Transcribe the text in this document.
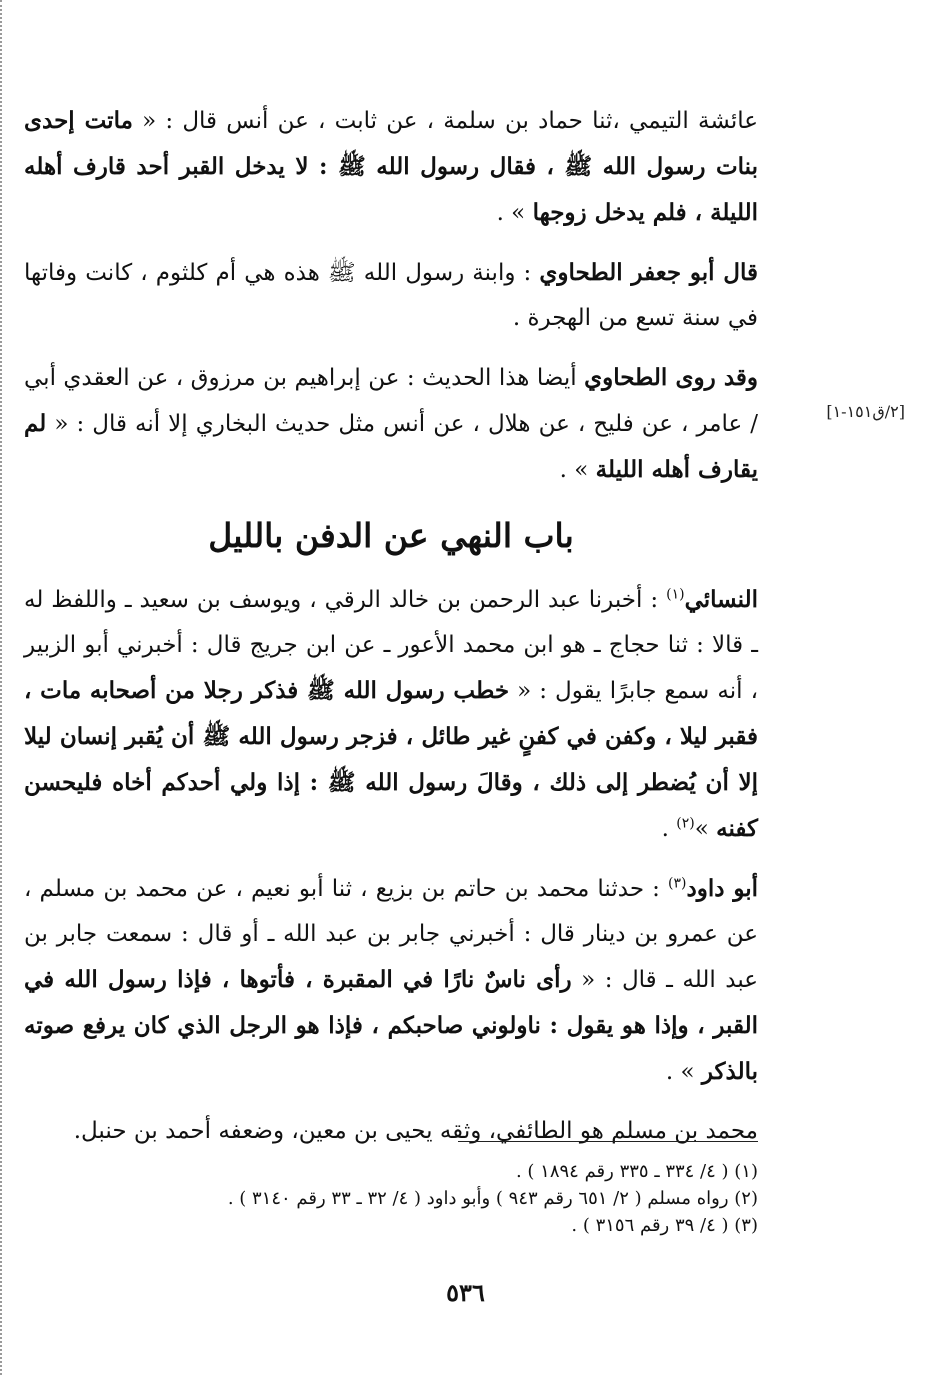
[٢/ق١٥١-١]

عائشة التيمي ،ثنا حماد بن سلمة ، عن ثابت ، عن أنس قال : « ماتت إحدى بنات رسول الله ﷺ ، فقال رسول الله ﷺ : لا يدخل القبر أحد قارف أهله الليلة ، فلم يدخل زوجها » .

قال أبو جعفر الطحاوي : وابنة رسول الله ﷺ هذه هي أم كلثوم ، كانت وفاتها في سنة تسع من الهجرة .

وقد روى الطحاوي أيضا هذا الحديث : عن إبراهيم بن مرزوق ، عن العقدي أبي / عامر ، عن فليح ، عن هلال ، عن أنس مثل حديث البخاري إلا أنه قال : « لم يقارف أهله الليلة » .

باب النهي عن الدفن بالليل

النسائي$^{(١)}$ : أخبرنا عبد الرحمن بن خالد الرقي ، ويوسف بن سعيد ـ واللفظ له ـ قالا : ثنا حجاج ـ هو ابن محمد الأعور ـ عن ابن جريج قال : أخبرني أبو الزبير ، أنه سمع جابرًا يقول : « خطب رسول الله ﷺ فذكر رجلا من أصحابه مات ، فقبر ليلا ، وكفن في كفنٍ غير طائل ، فزجر رسول الله ﷺ أن يُقبر إنسان ليلا إلا أن يُضطر إلى ذلك ، وقالَ رسول الله ﷺ : إذا ولي أحدكم أخاه فليحسن كفنه »$^{(٢)}$ .

أبو داود$^{(٣)}$ : حدثنا محمد بن حاتم بن بزيع ، ثنا أبو نعيم ، عن محمد بن مسلم ، عن عمرو بن دينار قال : أخبرني جابر بن عبد الله ـ أو قال : سمعت جابر بن عبد الله ـ قال : « رأى ناسٌ نارًا في المقبرة ، فأتوها ، فإذا رسول الله في القبر ، وإذا هو يقول : ناولوني صاحبكم ، فإذا هو الرجل الذي كان يرفع صوته بالذكر » .

محمد بن مسلم هو الطائفي، وثقه يحيى بن معين، وضعفه أحمد بن حنبل.

(١) ( ٤/ ٣٣٤ ـ ٣٣٥ رقم ١٨٩٤ ) .

(٢) رواه مسلم ( ٢/ ٦٥١ رقم ٩٤٣ ) وأبو داود ( ٤/ ٣٢ ـ ٣٣ رقم ٣١٤٠ ) .

(٣) ( ٤/ ٣٩ رقم ٣١٥٦ ) .

٥٣٦
